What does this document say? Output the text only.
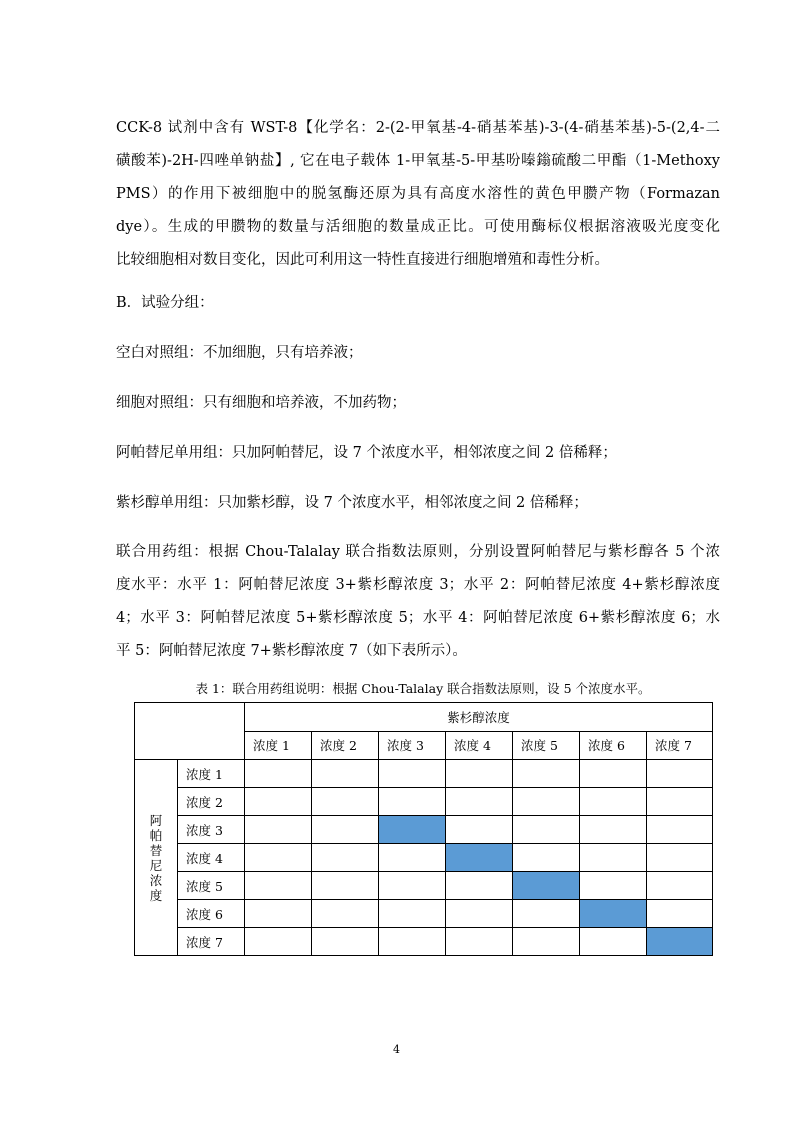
CCK-8 试剂中含有 WST-8【化学名：2-(2-甲氧基-4-硝基苯基)-3-(4-硝基苯基)-5-(2,4-二
磺酸苯)-2H-四唑单钠盐】, 它在电子载体 1-甲氧基-5-甲基吩嗪鎓硫酸二甲酯（1-Methoxy
PMS）的作用下被细胞中的脱氢酶还原为具有高度水溶性的黄色甲臜产物（Formazan
dye）。生成的甲臜物的数量与活细胞的数量成正比。可使用酶标仪根据溶液吸光度变化
比较细胞相对数目变化，因此可利用这一特性直接进行细胞增殖和毒性分析。
B．试验分组：
空白对照组：不加细胞，只有培养液；
细胞对照组：只有细胞和培养液，不加药物；
阿帕替尼单用组：只加阿帕替尼，设 7 个浓度水平，相邻浓度之间 2 倍稀释；
紫杉醇单用组：只加紫杉醇，设 7 个浓度水平，相邻浓度之间 2 倍稀释；
联合用药组：根据 Chou-Talalay 联合指数法原则，分别设置阿帕替尼与紫杉醇各 5 个浓
度水平：水平 1：阿帕替尼浓度 3+紫杉醇浓度 3；水平 2：阿帕替尼浓度 4+紫杉醇浓度
4；水平 3：阿帕替尼浓度 5+紫杉醇浓度 5；水平 4：阿帕替尼浓度 6+紫杉醇浓度 6；水
平 5：阿帕替尼浓度 7+紫杉醇浓度 7（如下表所示）。
表 1：联合用药组说明：根据 Chou-Talalay 联合指数法原则，设 5 个浓度水平。
		紫杉醇浓度						
		浓度 1	浓度 2	浓度 3	浓度 4	浓度 5	浓度 6	浓度 7
阿帕替尼浓度	浓度 1							
	浓度 2							
	浓度 3							
	浓度 4							
	浓度 5							
	浓度 6							
	浓度 7							
4
